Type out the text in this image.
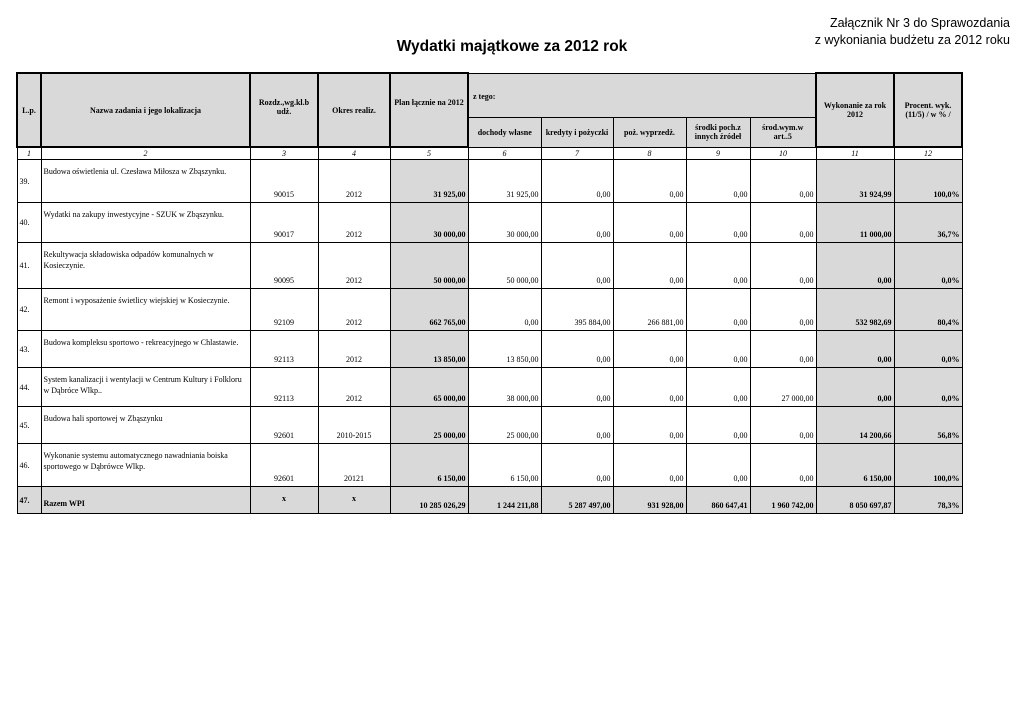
Załącznik Nr 3 do Sprawozdania
z wykoniania budżetu za 2012 roku
Wydatki majątkowe za 2012 rok
L.p.	Nazwa zadania i jego lokalizacja	Rozdz.,wg.kl.b udż.	Okres realiz.	Plan łącznie na 2012	z tego:					Wykonanie za rok 2012	Procent. wyk. (11/5) / w % /
					dochody własne	kredyty i pożyczki	poż. wyprzedż.	środki poch.z innych źródeł	środ.wym.w art..5		
1	2	3	4	5	6	7	8	9	10	11	12
39.	Budowa oświetlenia ul. Czesława Miłosza w Zbąszynku.	90015	2012	31 925,00	31 925,00	0,00	0,00	0,00	0,00	31 924,99	100,0%
40.	Wydatki na zakupy inwestycyjne - SZUK w Zbąszynku.	90017	2012	30 000,00	30 000,00	0,00	0,00	0,00	0,00	11 000,00	36,7%
41.	Rekultywacja składowiska odpadów komunalnych w Kosieczynie.	90095	2012	50 000,00	50 000,00	0,00	0,00	0,00	0,00	0,00	0,0%
42.	Remont i wyposażenie świetlicy wiejskiej w Kosieczynie.	92109	2012	662 765,00	0,00	395 884,00	266 881,00	0,00	0,00	532 982,69	80,4%
43.	Budowa kompleksu sportowo - rekreacyjnego w Chlastawie.	92113	2012	13 850,00	13 850,00	0,00	0,00	0,00	0,00	0,00	0,0%
44.	System kanalizacji i wentylacji w Centrum Kultury i Folkloru w Dąbróce Wlkp..	92113	2012	65 000,00	38 000,00	0,00	0,00	0,00	27 000,00	0,00	0,0%
45.	Budowa hali sportowej w Zbąszynku	92601	2010-2015	25 000,00	25 000,00	0,00	0,00	0,00	0,00	14 200,66	56,8%
46.	Wykonanie systemu automatycznego nawadniania boiska sportowego w Dąbrówce Wlkp.	92601	20121	6 150,00	6 150,00	0,00	0,00	0,00	0,00	6 150,00	100,0%
47.	Razem WPI	x	x	10 285 026,29	1 244 211,88	5 287 497,00	931 928,00	860 647,41	1 960 742,00	8 050 697,87	78,3%
